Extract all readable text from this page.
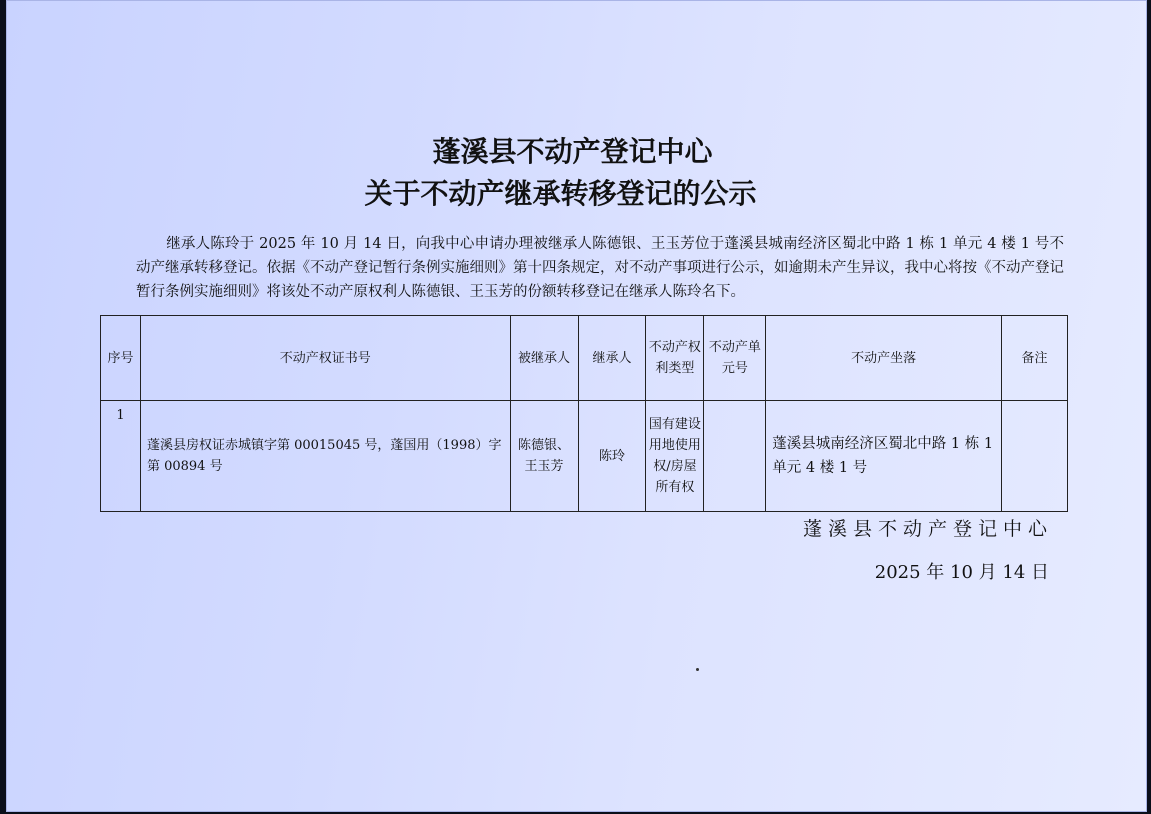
蓬溪县不动产登记中心
关于不动产继承转移登记的公示
继承人陈玲于 2025 年 10 月 14 日，向我中心申请办理被继承人陈德银、王玉芳位于蓬溪县城南经济区蜀北中路 1 栋 1 单元 4 楼 1 号不动产继承转移登记。依据《不动产登记暂行条例实施细则》第十四条规定，对不动产事项进行公示，如逾期未产生异议，我中心将按《不动产登记暂行条例实施细则》将该处不动产原权利人陈德银、王玉芳的份额转移登记在继承人陈玲名下。
序号	不动产权证书号	被继承人	继承人	不动产权利类型	不动产单元号	不动产坐落	备注
1	蓬溪县房权证赤城镇字第 00015045 号，蓬国用（1998）字第 00894 号	陈德银、王玉芳	陈玲	国有建设用地使用权/房屋所有权		蓬溪县城南经济区蜀北中路 1 栋 1 单元 4 楼 1 号	
蓬溪县不动产登记中心
2025 年 10 月 14 日
